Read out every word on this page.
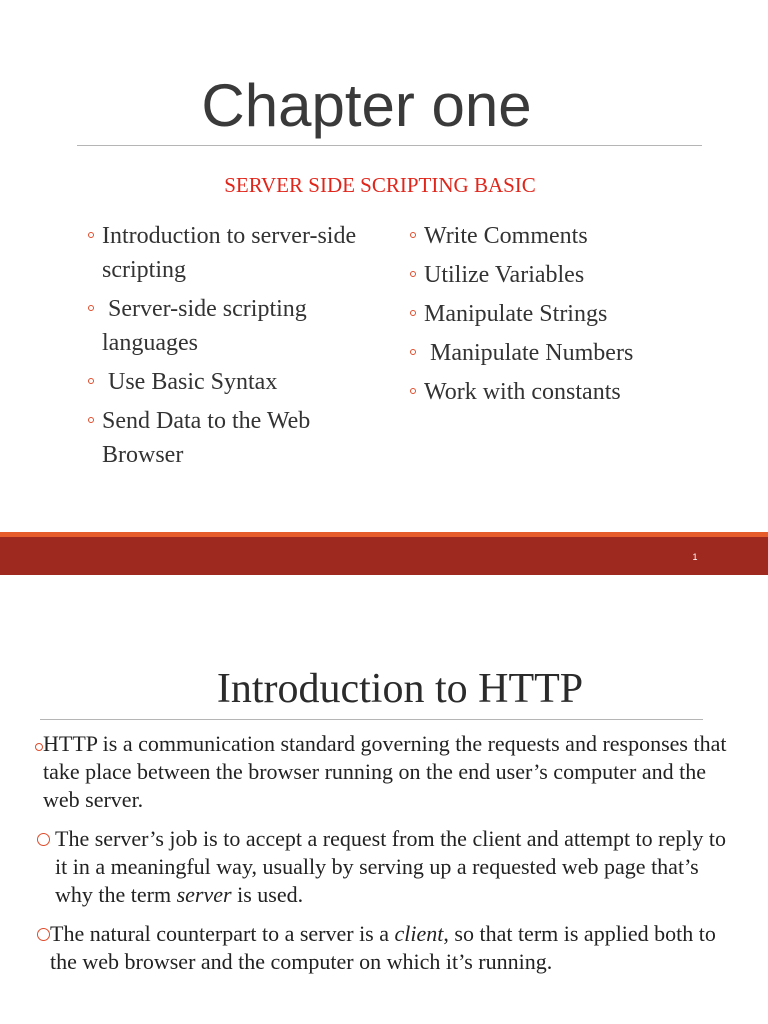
Chapter one
SERVER SIDE SCRIPTING BASIC
Introduction to server-side scripting
Server-side scripting languages
Use Basic Syntax
Send Data to the Web Browser
Write Comments
Utilize Variables
Manipulate Strings
Manipulate Numbers
Work with constants
1
Introduction to HTTP
HTTP is a communication standard governing the requests and responses that take place between the browser running on the end user’s computer and the web server.
The server’s job is to accept a request from the client and attempt to reply to it in a meaningful way, usually by serving up a requested web page that’s why the term server is used.
The natural counterpart to a server is a client, so that term is applied both to the web browser and the computer on which it’s running.
